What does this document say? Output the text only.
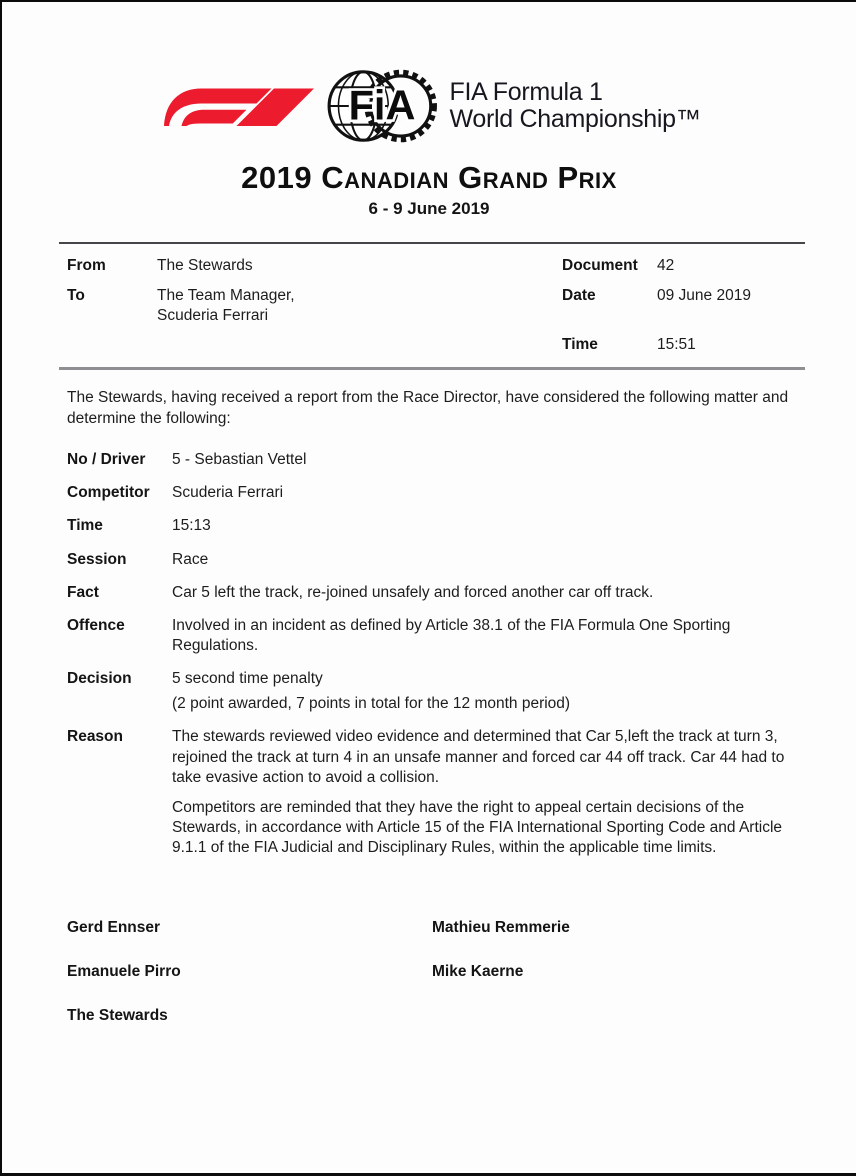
FiA FIA Formula 1
World Championship™
2019 Canadian Grand Prix
6 - 9 June 2019
From	The Stewards	Document	42
To	The Team Manager,
Scuderia Ferrari
Date	09 June 2019
Time	15:51
The Stewards, having received a report from the Race Director, have considered the following matter and determine the following:
No / Driver	5 - Sebastian Vettel
Competitor	Scuderia Ferrari
Time	15:13
Session	Race
Fact	Car 5 left the track, re-joined unsafely and forced another car off track.
Offence	Involved in an incident as defined by Article 38.1 of the FIA Formula One Sporting Regulations.
Decision	5 second time penalty
(2 point awarded, 7 points in total for the 12 month period)
Reason	The stewards reviewed video evidence and determined that Car 5,left the track at turn 3, rejoined the track at turn 4 in an unsafe manner and forced car 44 off track. Car 44 had to take evasive action to avoid a collision.
Competitors are reminded that they have the right to appeal certain decisions of the Stewards, in accordance with Article 15 of the FIA International Sporting Code and Article 9.1.1 of the FIA Judicial and Disciplinary Rules, within the applicable time limits.
Gerd Ennser	Mathieu Remmerie
Emanuele Pirro	Mike Kaerne
The Stewards
